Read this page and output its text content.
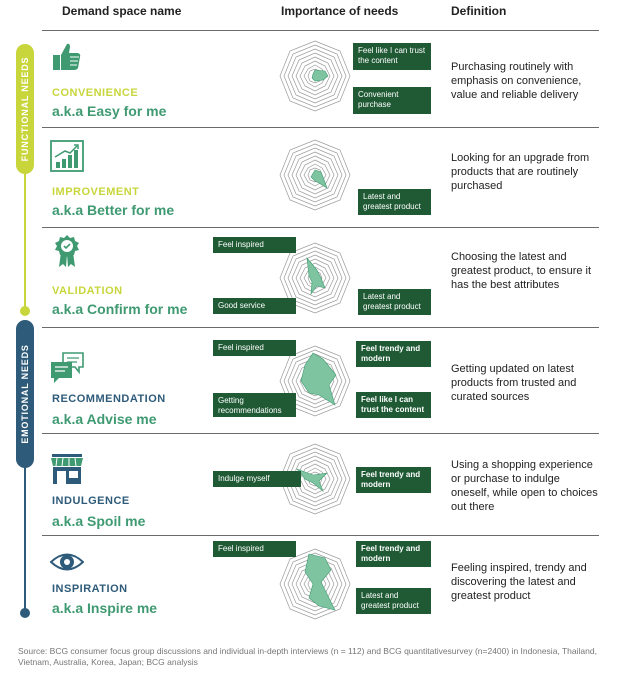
Demand space name	Importance of needs	Definition
FUNCTIONAL NEEDS
EMOTIONAL NEEDS
CONVENIENCE
a.k.a Easy for me
Feel like I can trust the content
Convenient purchase
Purchasing routinely with emphasis on convenience, value and reliable delivery
IMPROVEMENT
a.k.a Better for me
Latest and greatest product
Looking for an upgrade from products that are routinely purchased
VALIDATION
a.k.a Confirm for me
Feel inspired
Good service
Latest and greatest product
Choosing the latest and greatest product, to ensure it has the best attributes
RECOMMENDATION
a.k.a Advise me
Feel inspired
Getting recommendations
Feel trendy and modern
Feel like I can trust the content
Getting updated on latest products from trusted and curated sources
INDULGENCE
a.k.a Spoil me
Indulge myself	Feel trendy and modern
Using a shopping experience or purchase to indulge oneself, while open to choices out there
INSPIRATION
a.k.a Inspire me
Feel inspired	Feel trendy and modern
Latest and greatest product
Feeling inspired, trendy and discovering the latest and greatest product
Source: BCG consumer focus group discussions and individual in-depth interviews (n = 112) and BCG quantitativesurvey (n=2400) in Indonesia, Thailand, Vietnam, Australia, Korea, Japan; BCG analysis
